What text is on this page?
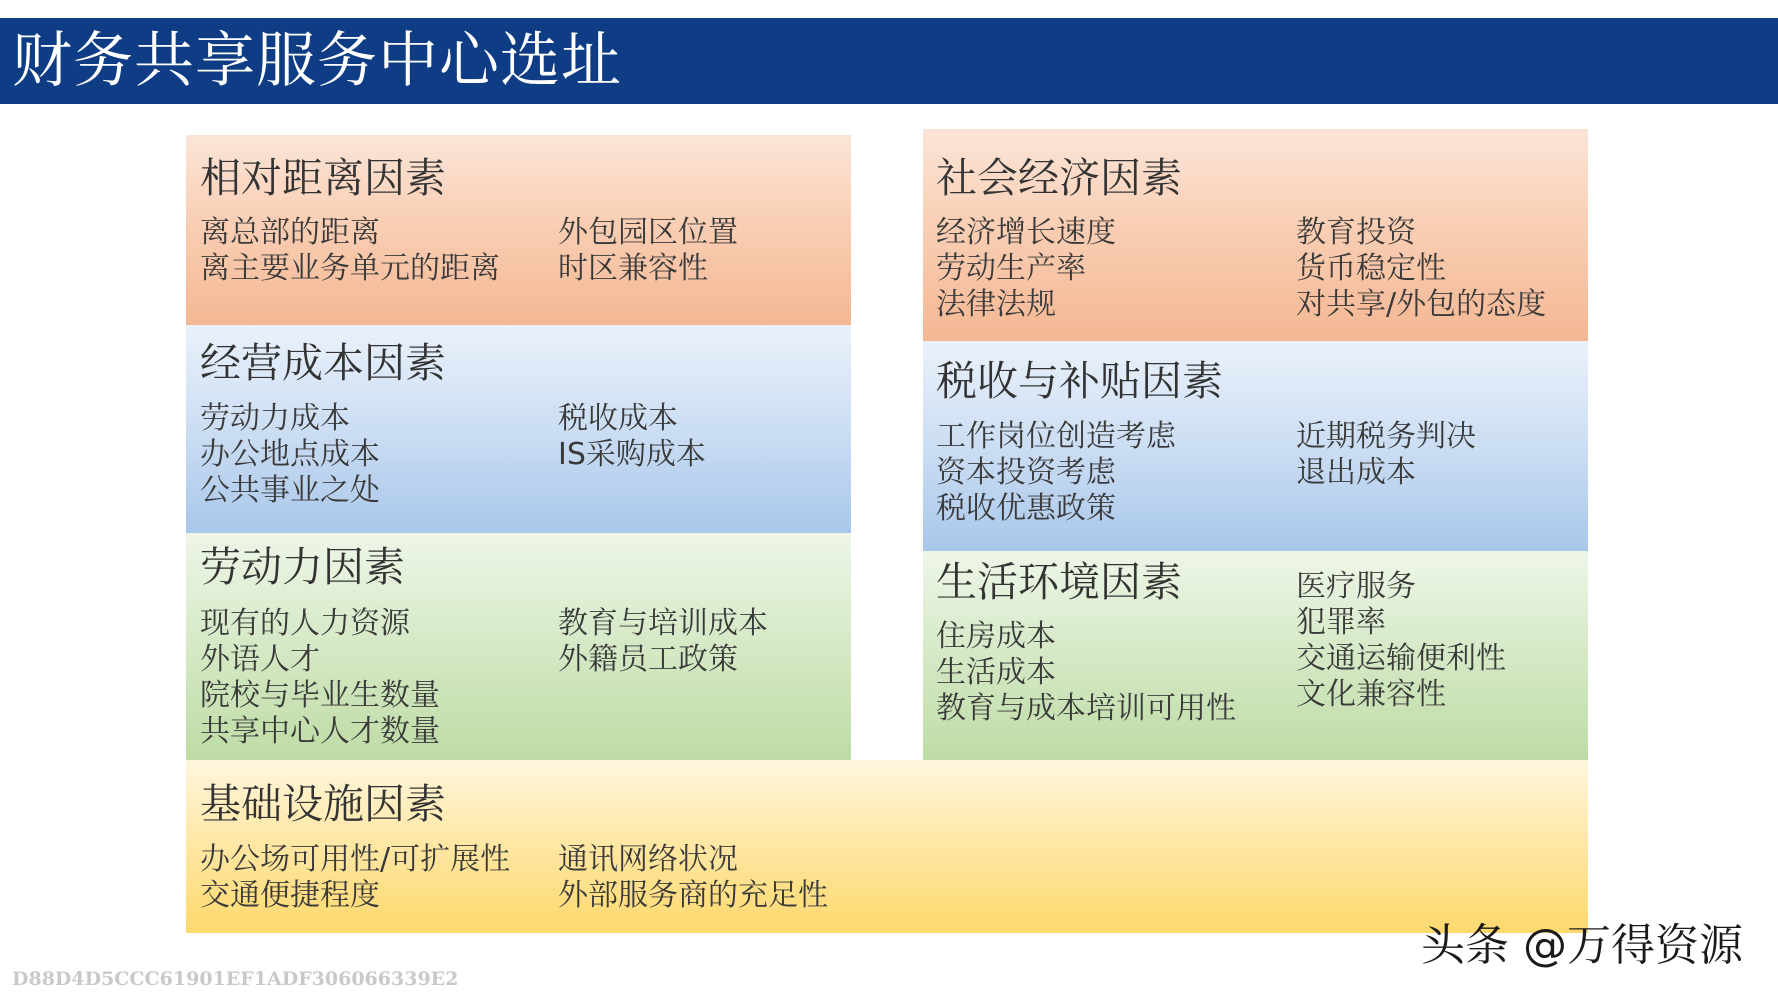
财务共享服务中心选址
相对距离因素
离总部的距离
离主要业务单元的距离
外包园区位置
时区兼容性
经营成本因素
劳动力成本
办公地点成本
公共事业之处
税收成本
IS采购成本
劳动力因素
现有的人力资源
外语人才
院校与毕业生数量
共享中心人才数量
教育与培训成本
外籍员工政策
社会经济因素
经济增长速度
劳动生产率
法律法规
教育投资
货币稳定性
对共享/外包的态度
税收与补贴因素
工作岗位创造考虑
资本投资考虑
税收优惠政策
近期税务判决
退出成本
生活环境因素
住房成本
生活成本
教育与成本培训可用性
医疗服务
犯罪率
交通运输便利性
文化兼容性
基础设施因素
办公场可用性/可扩展性
交通便捷程度
通讯网络状况
外部服务商的充足性
头条 @万得资源
D88D4D5CCC61901EF1ADF306066339E2
